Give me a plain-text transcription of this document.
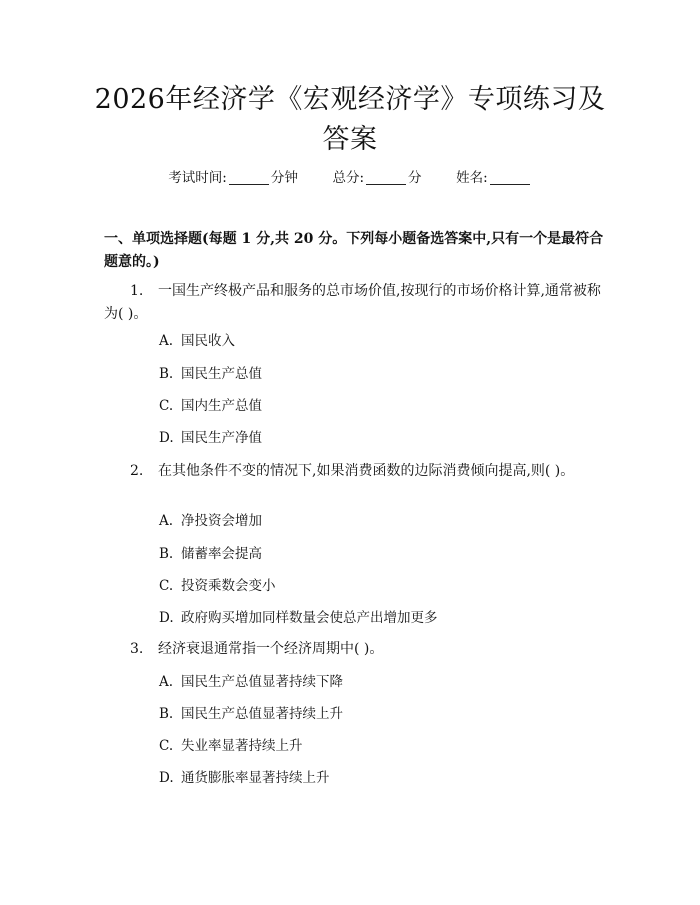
2026年经济学《宏观经济学》专项练习及答案
考试时间:	分钟	总分:	分	姓名:
一、单项选择题(每题 1 分,共 20 分。下列每小题备选答案中,只有一个是最符合题意的。)
1. 一国生产终极产品和服务的总市场价值,按现行的市场价格计算,通常被称为( )。
A. 国民收入
B. 国民生产总值
C. 国内生产总值
D. 国民生产净值
2. 在其他条件不变的情况下,如果消费函数的边际消费倾向提高,则( )。
A. 净投资会增加
B. 储蓄率会提高
C. 投资乘数会变小
D. 政府购买增加同样数量会使总产出增加更多
3. 经济衰退通常指一个经济周期中( )。
A. 国民生产总值显著持续下降
B. 国民生产总值显著持续上升
C. 失业率显著持续上升
D. 通货膨胀率显著持续上升
